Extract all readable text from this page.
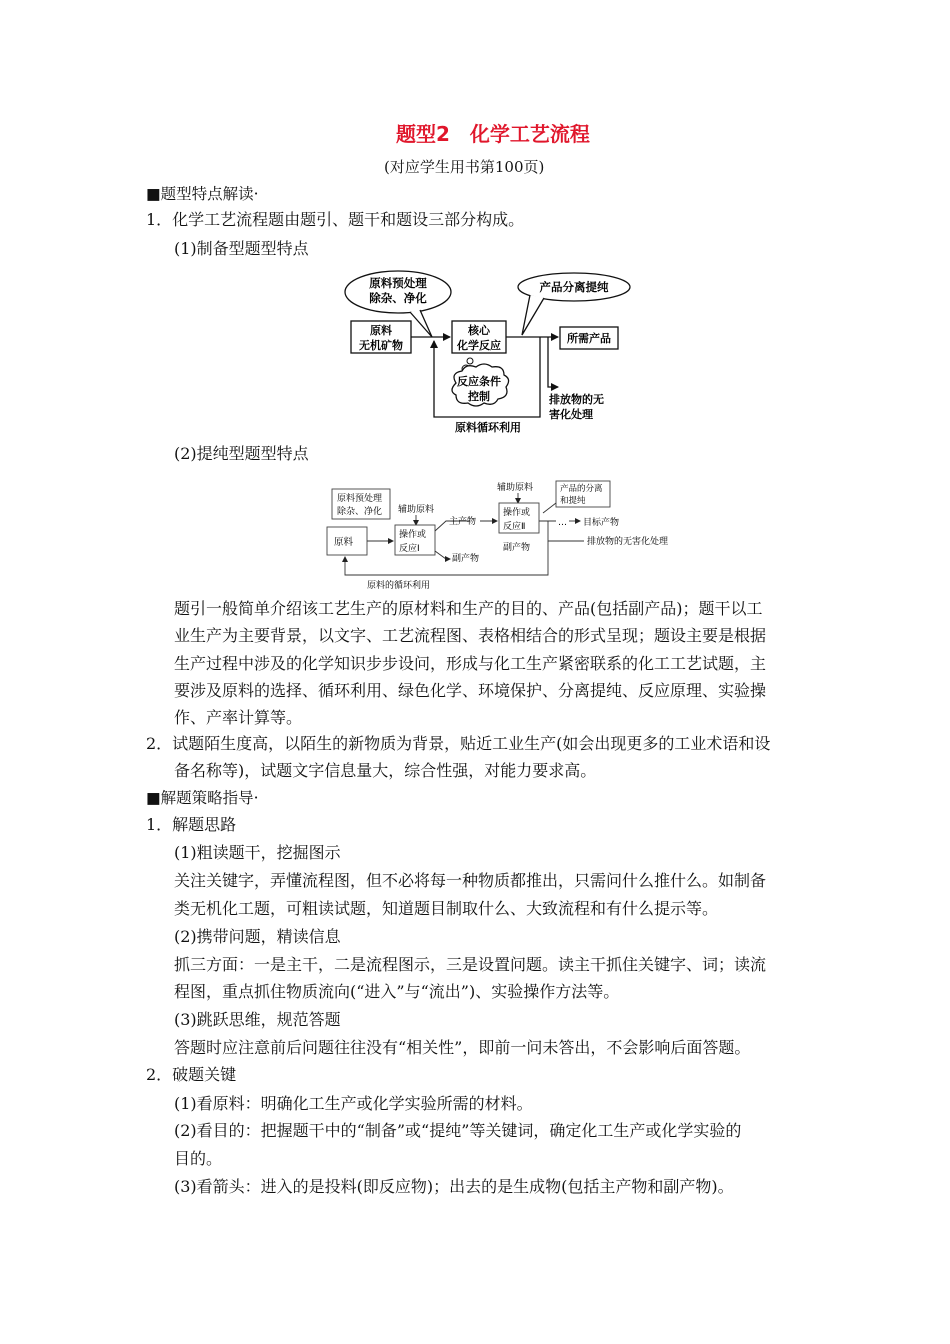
题型2　化学工艺流程
(对应学生用书第100页)
■题型特点解读·
1．化学工艺流程题由题引、题干和题设三部分构成。
(1)制备型题型特点
原料预处理
除杂、净化
产品分离提纯
原料
无机矿物
核心
化学反应
所需产品
反应条件
控制
原料循环利用
排放物的无
害化处理
(2)提纯型题型特点
原料预处理
除杂、净化
原料
辅助原料
操作或
反应Ⅰ
主产物
副产物
辅助原料
操作或
反应Ⅱ
副产物
… 目标产物
产品的分离
和提纯
排放物的无害化处理
原料的循环利用
题引一般简单介绍该工艺生产的原材料和生产的目的、产品(包括副产品)；题干以工
业生产为主要背景，以文字、工艺流程图、表格相结合的形式呈现；题设主要是根据
生产过程中涉及的化学知识步步设问，形成与化工生产紧密联系的化工工艺试题，主
要涉及原料的选择、循环利用、绿色化学、环境保护、分离提纯、反应原理、实验操
作、产率计算等。
2．试题陌生度高，以陌生的新物质为背景，贴近工业生产(如会出现更多的工业术语和设
备名称等)，试题文字信息量大，综合性强，对能力要求高。
■解题策略指导·
1．解题思路
(1)粗读题干，挖掘图示
关注关键字，弄懂流程图，但不必将每一种物质都推出，只需问什么推什么。如制备
类无机化工题，可粗读试题，知道题目制取什么、大致流程和有什么提示等。
(2)携带问题，精读信息
抓三方面：一是主干，二是流程图示，三是设置问题。读主干抓住关键字、词；读流
程图，重点抓住物质流向(“进入”与“流出”)、实验操作方法等。
(3)跳跃思维，规范答题
答题时应注意前后问题往往没有“相关性”，即前一问未答出，不会影响后面答题。
2．破题关键
(1)看原料：明确化工生产或化学实验所需的材料。
(2)看目的：把握题干中的“制备”或“提纯”等关键词，确定化工生产或化学实验的
目的。
(3)看箭头：进入的是投料(即反应物)；出去的是生成物(包括主产物和副产物)。
